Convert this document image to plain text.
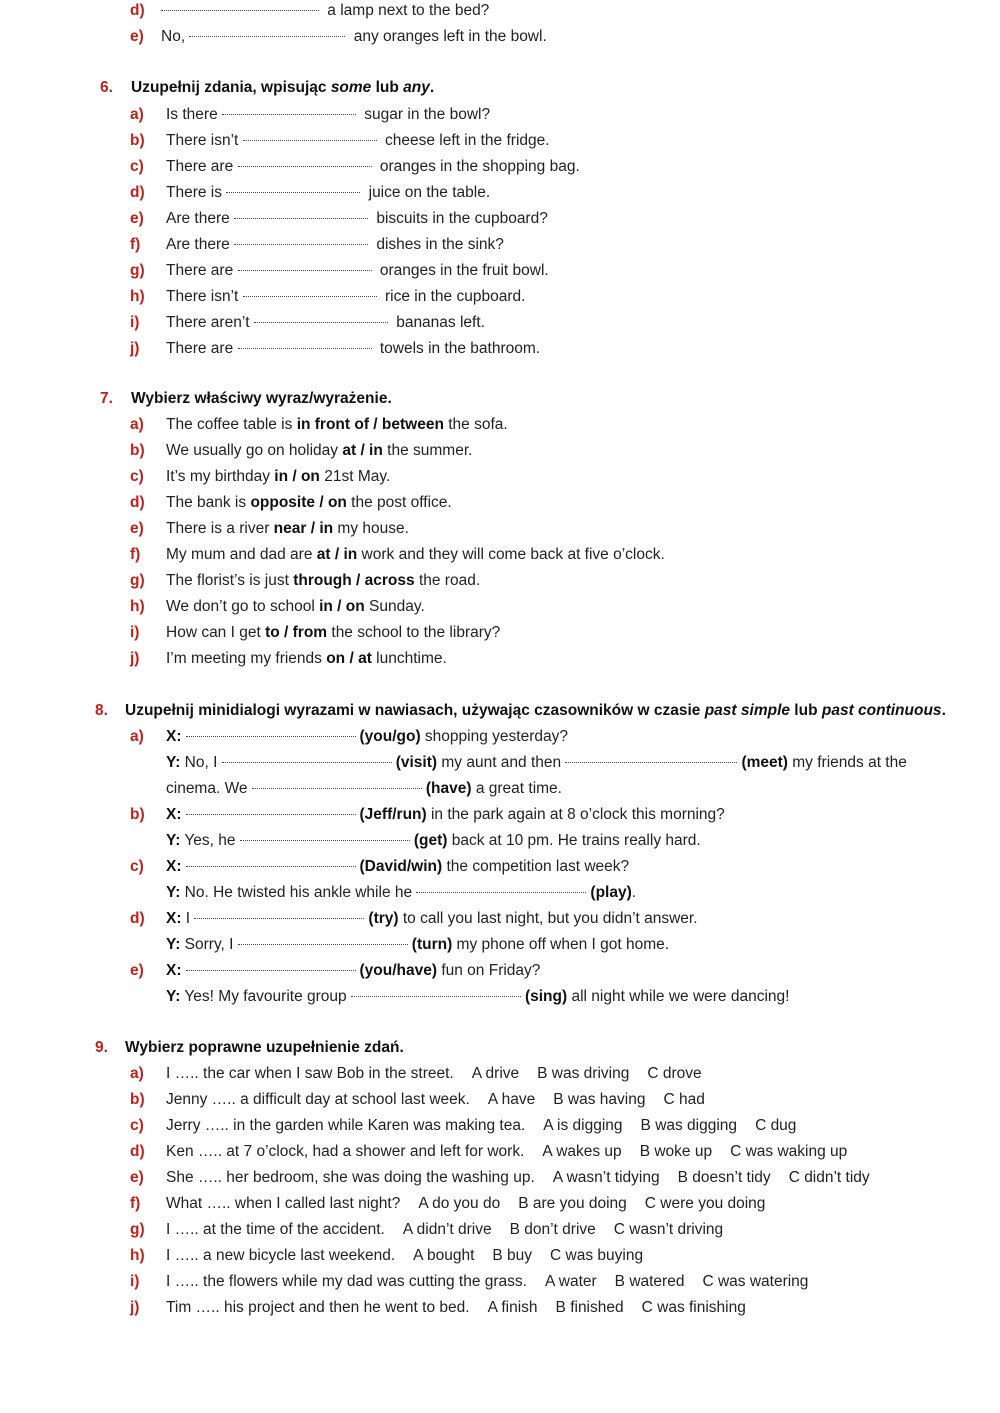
d)	a lamp next to the bed?
e) No,	any oranges left in the bowl.
6. Uzupełnij zdania, wpisując some lub any.
a) Is there	sugar in the bowl?
b) There isn’t	cheese left in the fridge.
c) There are	oranges in the shopping bag.
d) There is	juice on the table.
e) Are there	biscuits in the cupboard?
f) Are there	dishes in the sink?
g) There are	oranges in the fruit bowl.
h) There isn’t	rice in the cupboard.
i) There aren’t	bananas left.
j) There are	towels in the bathroom.
7. Wybierz właściwy wyraz/wyrażenie.
a) The coffee table is in front of / between the sofa.
b) We usually go on holiday at / in the summer.
c) It’s my birthday in / on 21st May.
d) The bank is opposite / on the post office.
e) There is a river near / in my house.
f) My mum and dad are at / in work and they will come back at five o’clock.
g) The florist’s is just through / across the road.
h) We don’t go to school in / on Sunday.
i) How can I get to / from the school to the library?
j) I’m meeting my friends on / at lunchtime.
8. Uzupełnij minidialogi wyrazami w nawiasach, używając czasowników w czasie past simple lub past continuous.
a) X:	(you/go) shopping yesterday?
Y: No, I	(visit) my aunt and then	(meet) my friends at the
cinema. We	(have) a great time.
b) X:	(Jeff/run) in the park again at 8 o’clock this morning?
Y: Yes, he	(get) back at 10 pm. He trains really hard.
c) X:	(David/win) the competition last week?
Y: No. He twisted his ankle while he	(play).
d) X: I	(try) to call you last night, but you didn’t answer.
Y: Sorry, I	(turn) my phone off when I got home.
e) X:	(you/have) fun on Friday?
Y: Yes! My favourite group	(sing) all night while we were dancing!
9. Wybierz poprawne uzupełnienie zdań.
a) I ….. the car when I saw Bob in the street. A drive B was driving C drove
b) Jenny ….. a difficult day at school last week. A have B was having C had
c) Jerry ….. in the garden while Karen was making tea. A is digging B was digging C dug
d) Ken ….. at 7 o’clock, had a shower and left for work. A wakes up B woke up C was waking up
e) She ….. her bedroom, she was doing the washing up. A wasn’t tidying B doesn’t tidy C didn’t tidy
f) What ….. when I called last night? A do you do B are you doing C were you doing
g) I ….. at the time of the accident. A didn’t drive B don’t drive C wasn’t driving
h) I ….. a new bicycle last weekend. A bought B buy C was buying
i) I ….. the flowers while my dad was cutting the grass. A water B watered C was watering
j) Tim ….. his project and then he went to bed. A finish B finished C was finishing
